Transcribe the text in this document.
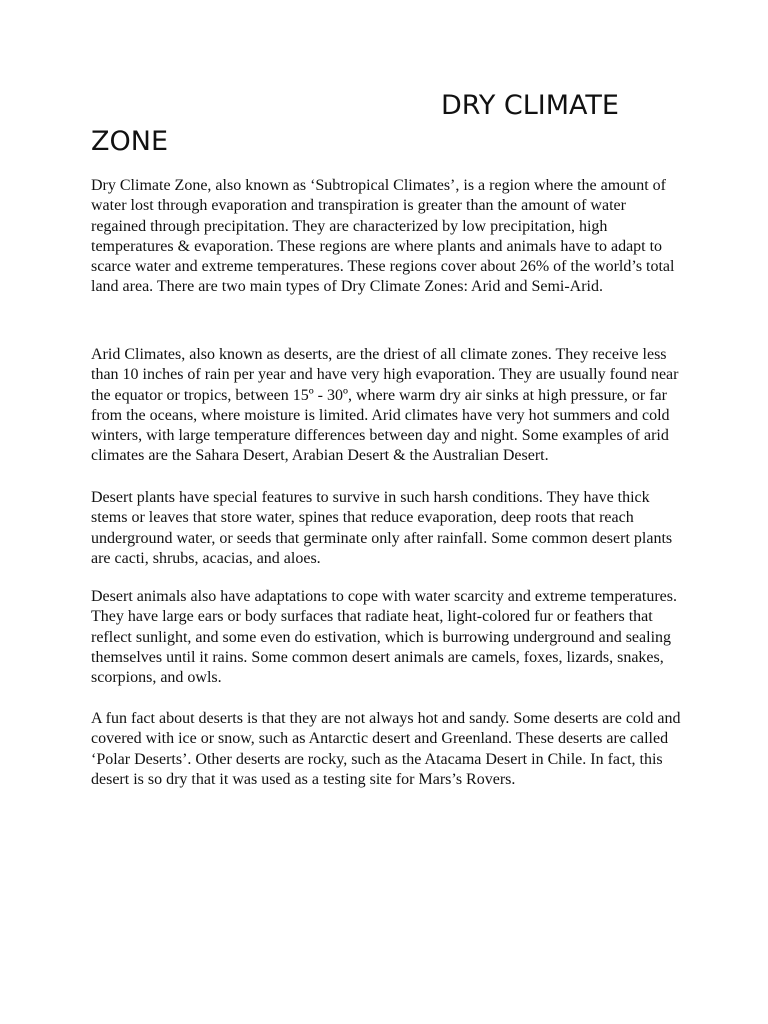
DRY CLIMATE ZONE

Dry Climate Zone, also known as ‘Subtropical Climates’, is a region where the amount of water lost through evaporation and transpiration is greater than the amount of water regained through precipitation. They are characterized by low precipitation, high temperatures & evaporation. These regions are where plants and animals have to adapt to scarce water and extreme temperatures. These regions cover about 26% of the world’s total land area. There are two main types of Dry Climate Zones: Arid and Semi-Arid.

Arid Climates, also known as deserts, are the driest of all climate zones. They receive less than 10 inches of rain per year and have very high evaporation. They are usually found near the equator or tropics, between 15º - 30º, where warm dry air sinks at high pressure, or far from the oceans, where moisture is limited. Arid climates have very hot summers and cold winters, with large temperature differences between day and night. Some examples of arid climates are the Sahara Desert, Arabian Desert & the Australian Desert.

Desert plants have special features to survive in such harsh conditions. They have thick stems or leaves that store water, spines that reduce evaporation, deep roots that reach underground water, or seeds that germinate only after rainfall. Some common desert plants are cacti, shrubs, acacias, and aloes.

Desert animals also have adaptations to cope with water scarcity and extreme temperatures. They have large ears or body surfaces that radiate heat, light-colored fur or feathers that reflect sunlight, and some even do estivation, which is burrowing underground and sealing themselves until it rains. Some common desert animals are camels, foxes, lizards, snakes, scorpions, and owls.

A fun fact about deserts is that they are not always hot and sandy. Some deserts are cold and covered with ice or snow, such as Antarctic desert and Greenland. These deserts are called ‘Polar Deserts’. Other deserts are rocky, such as the Atacama Desert in Chile. In fact, this desert is so dry that it was used as a testing site for Mars’s Rovers.
